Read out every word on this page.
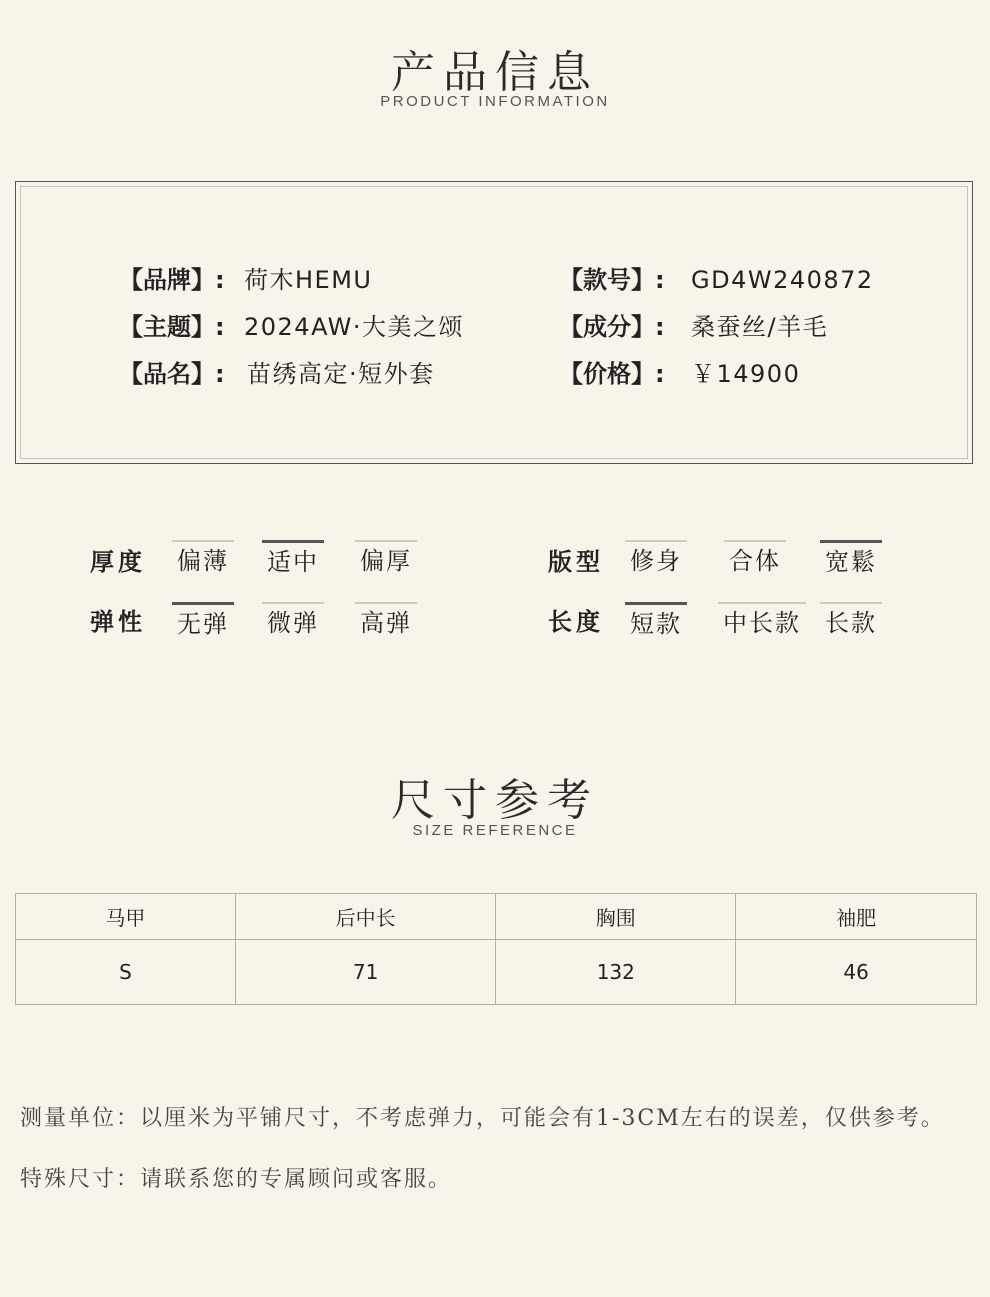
产品信息
PRODUCT INFORMATION
【品牌】: 荷木HEMU
【主题】: 2024AW·大美之颂
【品名】: 苗绣高定·短外套
【款号】: GD4W240872
【成分】: 桑蚕丝/羊毛
【价格】: ￥14900
厚度 偏薄 适中 偏厚
弹性 无弹 微弹 高弹
版型 修身 合体 宽鬆
长度 短款 中长款 长款
尺寸参考
SIZE REFERENCE
马甲	后中长	胸围	袖肥
S	71	132	46
测量单位：以厘米为平铺尺寸，不考虑弹力，可能会有1-3CM左右的误差，仅供参考。
特殊尺寸：请联系您的专属顾问或客服。
